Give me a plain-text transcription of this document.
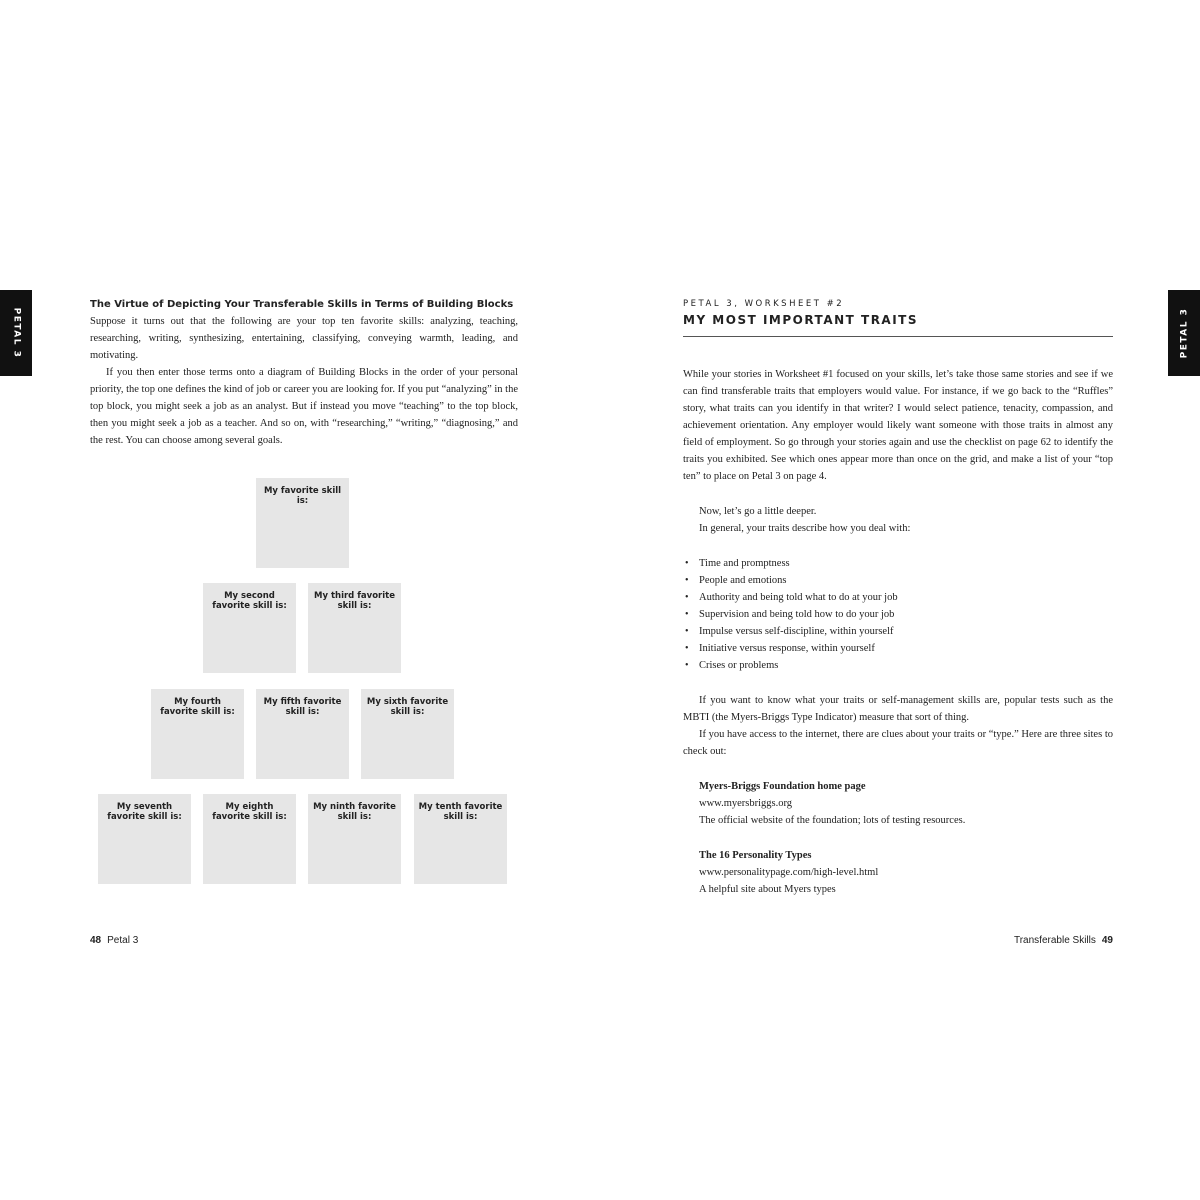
PETAL 3	PETAL 3
The Virtue of Depicting Your Transferable Skills in Terms of Building Blocks

Suppose it turns out that the following are your top ten favorite skills: analyzing, teaching, researching, writing, synthesizing, entertaining, classifying, conveying warmth, leading, and motivating.

If you then enter those terms onto a diagram of Building Blocks in the order of your personal priority, the top one defines the kind of job or career you are looking for. If you put “analyzing” in the top block, you might seek a job as an analyst. But if instead you move “teaching” to the top block, then you might seek a job as a teacher. And so on, with “researching,” “writing,” “diagnosing,” and the rest. You can choose among several goals.

My favorite skill is:
My second favorite skill is:
My third favorite skill is:
My fourth favorite skill is:
My fifth favorite skill is:
My sixth favorite skill is:
My seventh favorite skill is:
My eighth favorite skill is:
My ninth favorite skill is:
My tenth favorite skill is:
48 Petal 3
PETAL 3, WORKSHEET #2
MY MOST IMPORTANT TRAITS

While your stories in Worksheet #1 focused on your skills, let’s take those same stories and see if we can find transferable traits that employers would value. For instance, if we go back to the “Ruffles” story, what traits can you identify in that writer? I would select patience, tenacity, compassion, and achievement orientation. Any employer would likely want someone with those traits in almost any field of employment. So go through your stories again and use the checklist on page 62 to identify the traits you exhibited. See which ones appear more than once on the grid, and make a list of your “top ten” to place on Petal 3 on page 4.

Now, let’s go a little deeper.
In general, your traits describe how you deal with:
• Time and promptness
• People and emotions
• Authority and being told what to do at your job
• Supervision and being told how to do your job
• Impulse versus self-discipline, within yourself
• Initiative versus response, within yourself
• Crises or problems

If you want to know what your traits or self-management skills are, popular tests such as the MBTI (the Myers-Briggs Type Indicator) measure that sort of thing.

If you have access to the internet, there are clues about your traits or “type.” Here are three sites to check out:

Myers-Briggs Foundation home page
www.myersbriggs.org
The official website of the foundation; lots of testing resources.
The 16 Personality Types
www.personalitypage.com/high-level.html
A helpful site about Myers types
Transferable Skills 49
